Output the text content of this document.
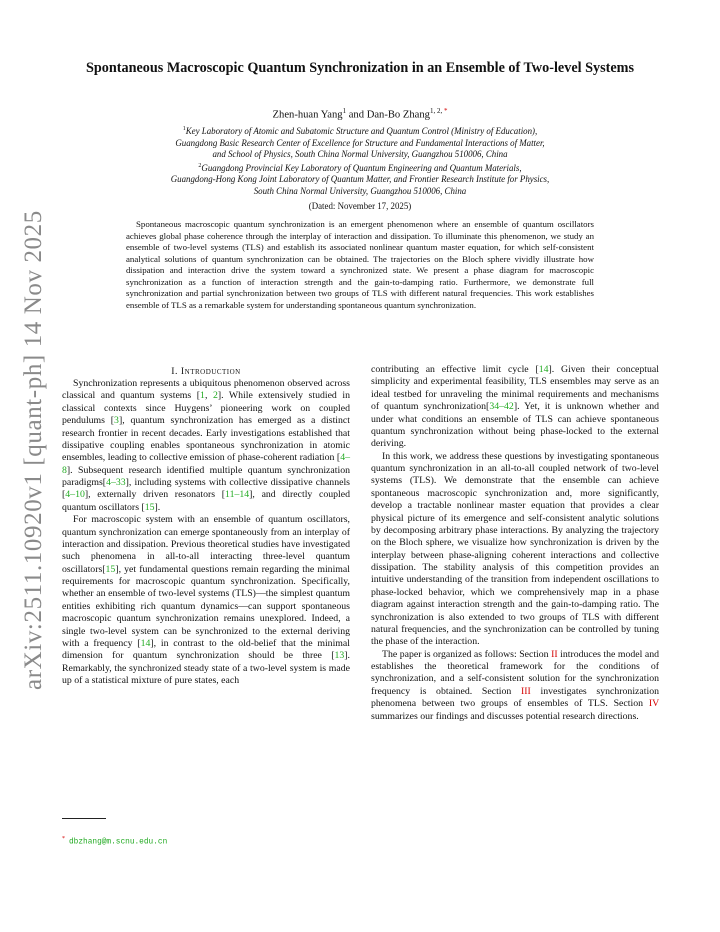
arXiv:2511.10920v1 [quant-ph] 14 Nov 2025
Spontaneous Macroscopic Quantum Synchronization in an Ensemble of Two-level Systems
Zhen-huan Yang$^1$ and Dan-Bo Zhang$^{1, 2, *}$
$^1$Key Laboratory of Atomic and Subatomic Structure and Quantum Control (Ministry of Education),
Guangdong Basic Research Center of Excellence for Structure and Fundamental Interactions of Matter,
and School of Physics, South China Normal University, Guangzhou 510006, China
$^2$Guangdong Provincial Key Laboratory of Quantum Engineering and Quantum Materials,
Guangdong-Hong Kong Joint Laboratory of Quantum Matter, and Frontier Research Institute for Physics,
South China Normal University, Guangzhou 510006, China
(Dated: November 17, 2025)
Spontaneous macroscopic quantum synchronization is an emergent phenomenon where an ensemble of quantum oscillators achieves global phase coherence through the interplay of interaction and dissipation. To illuminate this phenomenon, we study an ensemble of two-level systems (TLS) and establish its associated nonlinear quantum master equation, for which self-consistent analytical solutions of quantum synchronization can be obtained. The trajectories on the Bloch sphere vividly illustrate how dissipation and interaction drive the system toward a synchronized state. We present a phase diagram for macroscopic synchronization as a function of interaction strength and the gain-to-damping ratio. Furthermore, we demonstrate full synchronization and partial synchronization between two groups of TLS with different natural frequencies. This work establishes ensemble of TLS as a remarkable system for understanding spontaneous quantum synchronization.

I. Introduction

Synchronization represents a ubiquitous phenomenon observed across classical and quantum systems [1, 2]. While extensively studied in classical contexts since Huygens’ pioneering work on coupled pendulums [3], quantum synchronization has emerged as a distinct research frontier in recent decades. Early investigations established that dissipative coupling enables spontaneous synchronization in atomic ensembles, leading to collective emission of phase-coherent radiation [4–8]. Subsequent research identified multiple quantum synchronization paradigms[4–33], including systems with collective dissipative channels [4–10], externally driven resonators [11–14], and directly coupled quantum oscillators [15].

For macroscopic system with an ensemble of quantum oscillators, quantum synchronization can emerge spontaneously from an interplay of interaction and dissipation. Previous theoretical studies have investigated such phenomena in all-to-all interacting three-level quantum oscillators[15], yet fundamental questions remain regarding the minimal requirements for macroscopic quantum synchronization. Specifically, whether an ensemble of two-level systems (TLS)—the simplest quantum entities exhibiting rich quantum dynamics—can support spontaneous macroscopic quantum synchronization remains unexplored. Indeed, a single two-level system can be synchronized to the external deriving with a frequency [14], in contrast to the old-belief that the minimal dimension for quantum synchronization should be three [13]. Remarkably, the synchronized steady state of a two-level system is made up of a statistical mixture of pure states, each

contributing an effective limit cycle [14]. Given their conceptual simplicity and experimental feasibility, TLS ensembles may serve as an ideal testbed for unraveling the minimal requirements and mechanisms of quantum synchronization[34–42]. Yet, it is unknown whether and under what conditions an ensemble of TLS can achieve spontaneous quantum synchronization without being phase-locked to the external deriving.

In this work, we address these questions by investigating spontaneous quantum synchronization in an all-to-all coupled network of two-level systems (TLS). We demonstrate that the ensemble can achieve spontaneous macroscopic synchronization and, more significantly, develop a tractable nonlinear master equation that provides a clear physical picture of its emergence and self-consistent analytic solutions by decomposing arbitrary phase interactions. By analyzing the trajectory on the Bloch sphere, we visualize how synchronization is driven by the interplay between phase-aligning coherent interactions and collective dissipation. The stability analysis of this competition provides an intuitive understanding of the transition from independent oscillations to phase-locked behavior, which we comprehensively map in a phase diagram against interaction strength and the gain-to-damping ratio. The synchronization is also extended to two groups of TLS with different natural frequencies, and the synchronization can be controlled by tuning the phase of the interaction.

The paper is organized as follows: Section II introduces the model and establishes the theoretical framework for the conditions of synchronization, and a self-consistent solution for the synchronization frequency is obtained. Section III investigates synchronization phenomena between two groups of ensembles of TLS. Section IV summarizes our findings and discusses potential research directions.

* dbzhang@m.scnu.edu.cn
